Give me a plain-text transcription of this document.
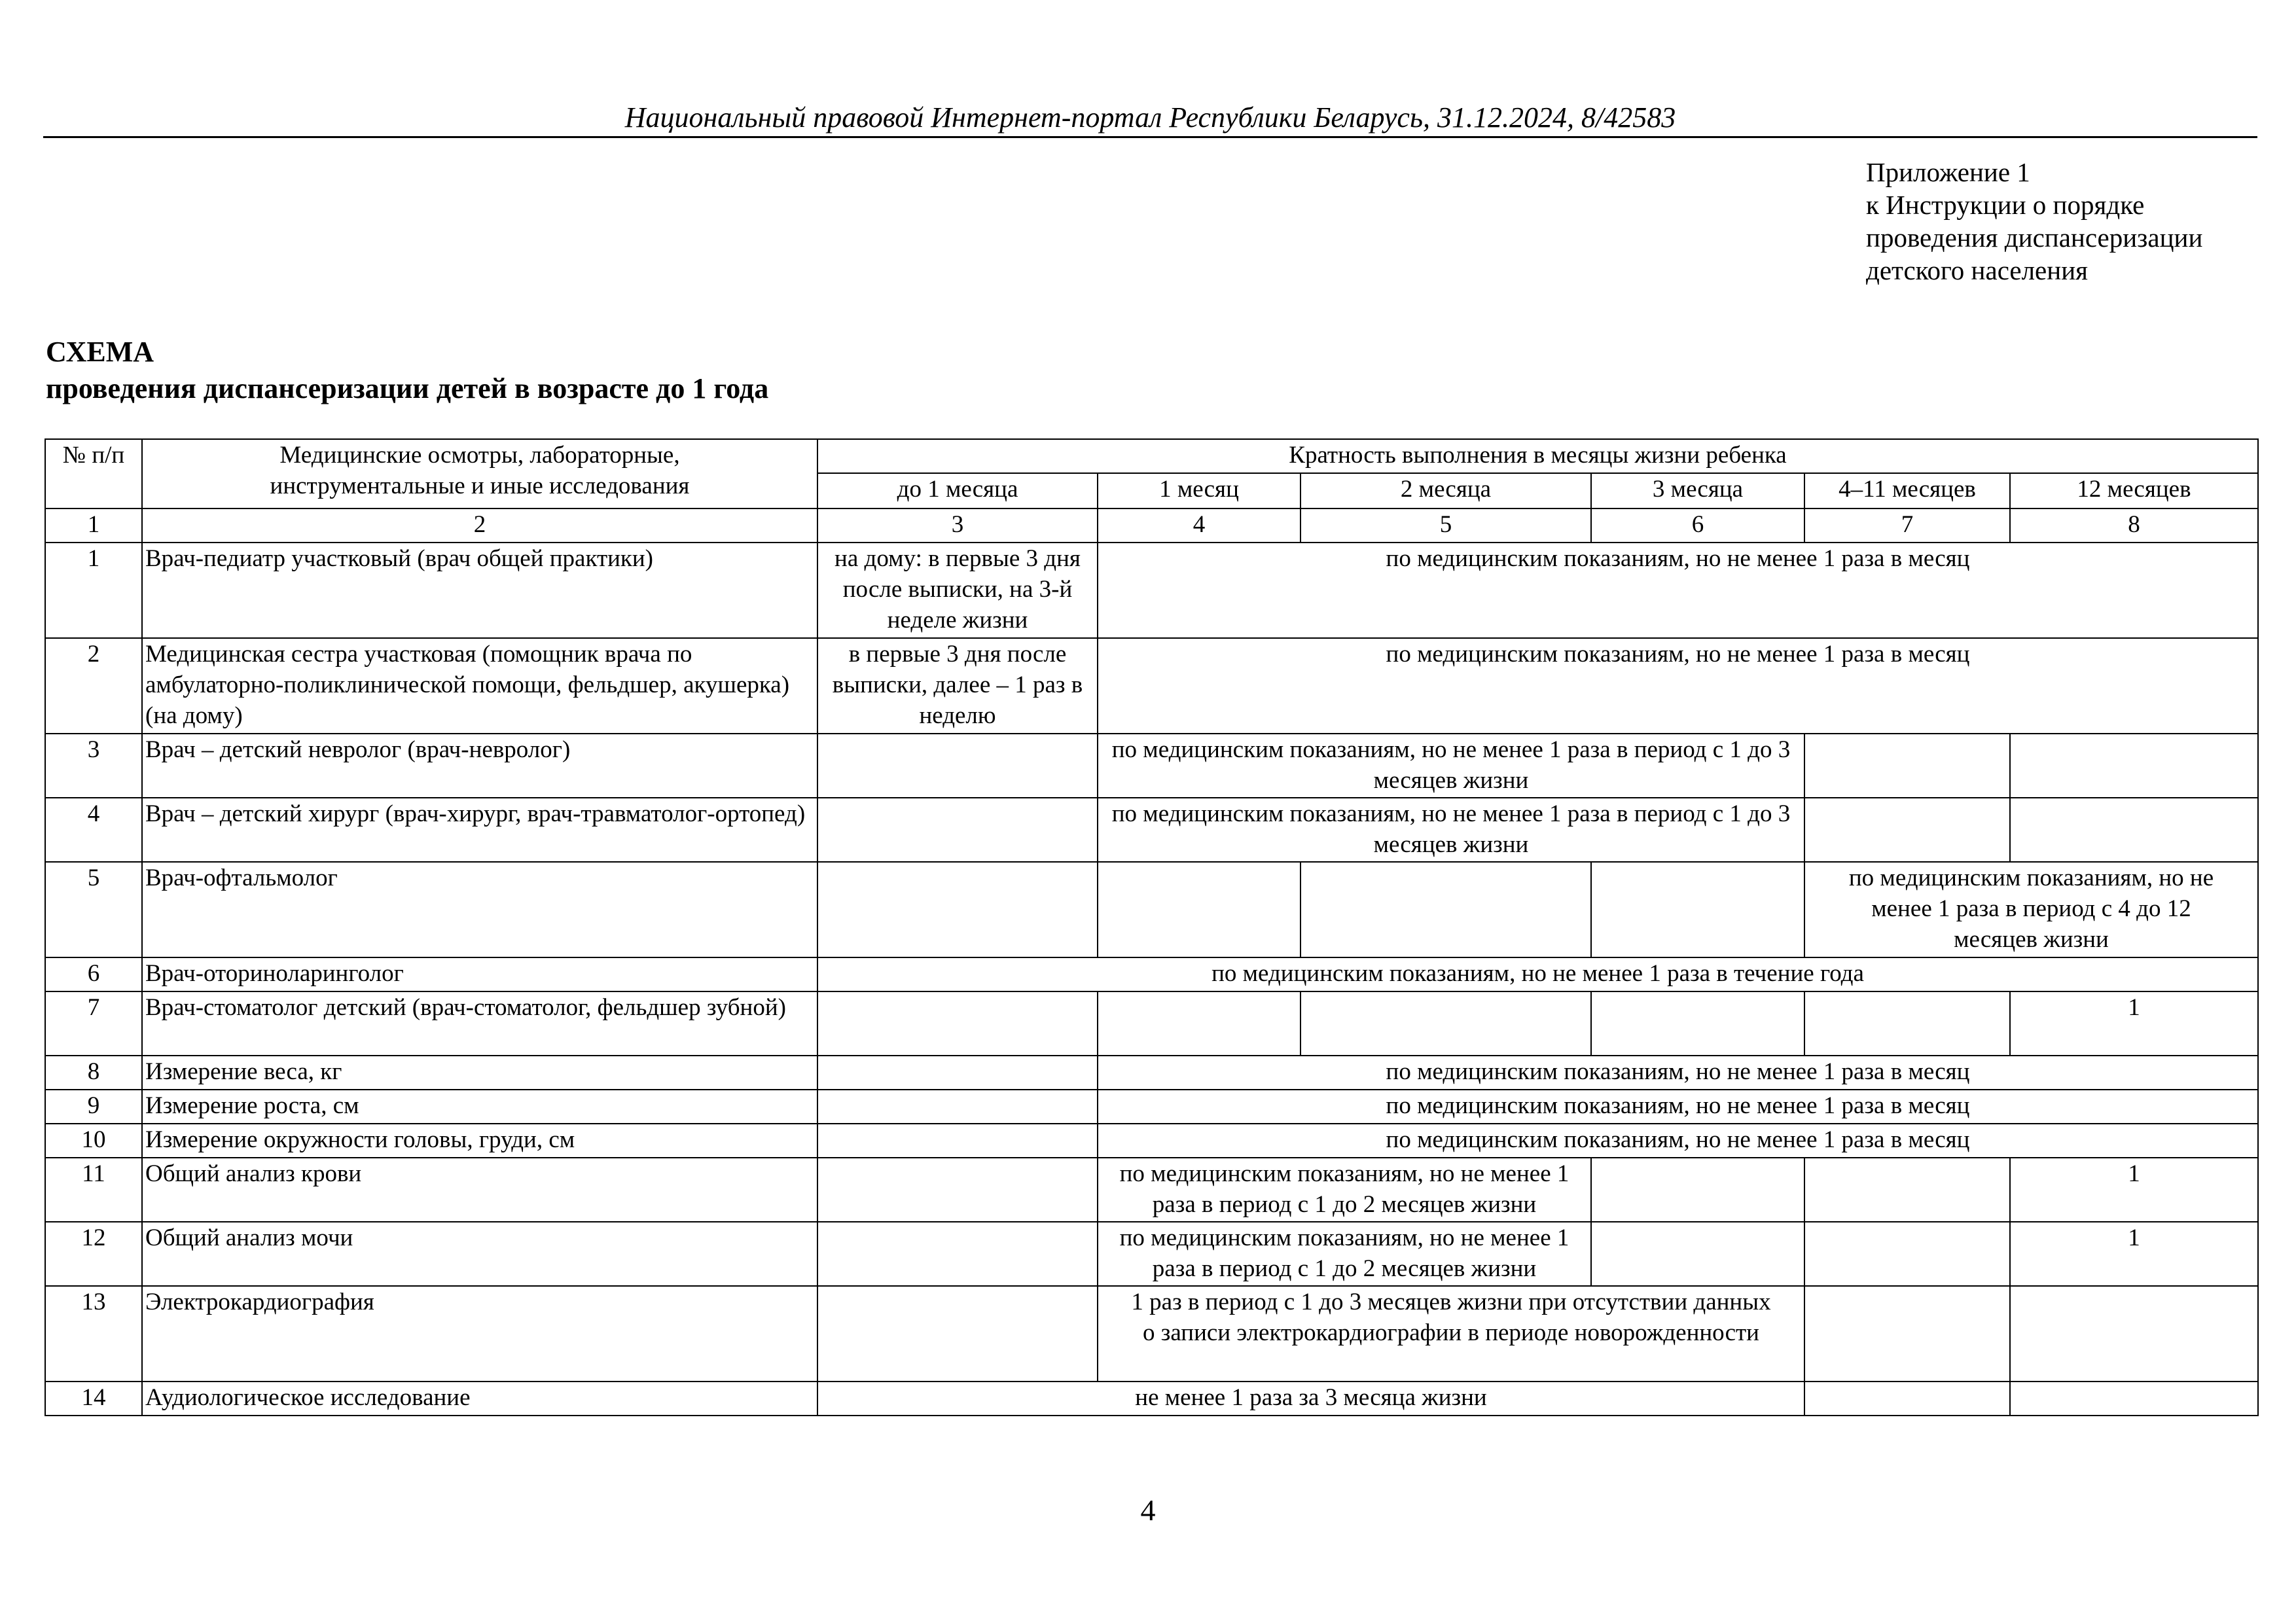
Национальный правовой Интернет-портал Республики Беларусь, 31.12.2024, 8/42583
Приложение 1
к Инструкции о порядке
проведения диспансеризации
детского населения
СХЕМА
проведения диспансеризации детей в возрасте до 1 года
№ п/п	Медицинские осмотры, лабораторные, инструментальные и иные исследования	Кратность выполнения в месяцы жизни ребенка					
		до 1 месяца	1 месяц	2 месяца	3 месяца	4–11 месяцев	12 месяцев
1	2	3	4	5	6	7	8
1	Врач-педиатр участковый (врач общей практики)	на дому: в первые 3 дня после выписки, на 3-й неделе жизни	по медицинским показаниям, но не менее 1 раза в месяц				
2	Медицинская сестра участковая (помощник врача по амбулаторно-поликлинической помощи, фельдшер, акушерка) (на дому)	в первые 3 дня после выписки, далее – 1 раз в неделю	по медицинским показаниям, но не менее 1 раза в месяц				
3	Врач – детский невролог (врач-невролог)		по медицинским показаниям, но не менее 1 раза в период с 1 до 3 месяцев жизни				
4	Врач – детский хирург (врач-хирург, врач-травматолог-ортопед)		по медицинским показаниям, но не менее 1 раза в период с 1 до 3 месяцев жизни				
5	Врач-офтальмолог					по медицинским показаниям, но не менее 1 раза в период с 4 до 12 месяцев жизни	
6	Врач-оториноларинголог	по медицинским показаниям, но не менее 1 раза в течение года					
7	Врач-стоматолог детский (врач-стоматолог, фельдшер зубной)						1
8	Измерение веса, кг		по медицинским показаниям, но не менее 1 раза в месяц				
9	Измерение роста, см		по медицинским показаниям, но не менее 1 раза в месяц				
10	Измерение окружности головы, груди, см		по медицинским показаниям, но не менее 1 раза в месяц				
11	Общий анализ крови		по медицинским показаниям, но не менее 1 раза в период с 1 до 2 месяцев жизни				1
12	Общий анализ мочи		по медицинским показаниям, но не менее 1 раза в период с 1 до 2 месяцев жизни				1
13	Электрокардиография		1 раз в период с 1 до 3 месяцев жизни при отсутствии данных о записи электрокардиографии в периоде новорожденности				
14	Аудиологическое исследование	не менее 1 раза за 3 месяца жизни					
4
